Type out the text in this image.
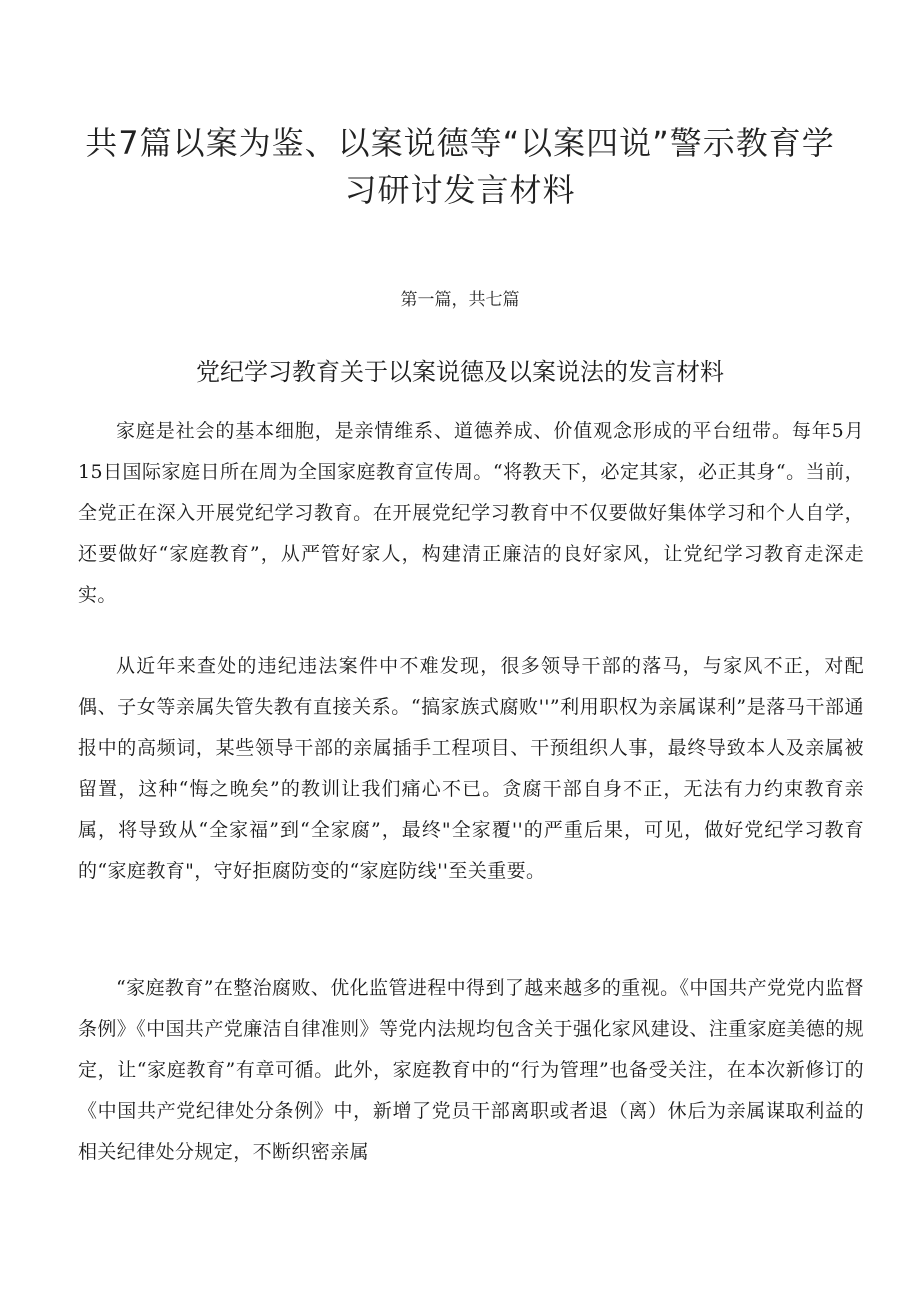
共7篇以案为鉴、以案说德等“以案四说”警示教育学习研讨发言材料

第一篇，共七篇

党纪学习教育关于以案说德及以案说法的发言材料

家庭是社会的基本细胞，是亲情维系、道德养成、价值观念形成的平台纽带。每年5月15日国际家庭日所在周为全国家庭教育宣传周。“将教天下，必定其家，必正其身“。当前，全党正在深入开展党纪学习教育。在开展党纪学习教育中不仅要做好集体学习和个人自学，还要做好“家庭教育”，从严管好家人，构建清正廉洁的良好家风，让党纪学习教育走深走实。

从近年来查处的违纪违法案件中不难发现，很多领导干部的落马，与家风不正，对配偶、子女等亲属失管失教有直接关系。“搞家族式腐败''”利用职权为亲属谋利”是落马干部通报中的高频词，某些领导干部的亲属插手工程项目、干预组织人事，最终导致本人及亲属被留置，这种“悔之晚矣”的教训让我们痛心不已。贪腐干部自身不正，无法有力约束教育亲属，将导致从“全家福”到“全家腐”，最终"全家覆''的严重后果，可见，做好党纪学习教育的“家庭教育"，守好拒腐防变的“家庭防线''至关重要。

“家庭教育”在整治腐败、优化监管进程中得到了越来越多的重视。《中国共产党党内监督条例》《中国共产党廉洁自律准则》等党内法规均包含关于强化家风建设、注重家庭美德的规定，让“家庭教育”有章可循。此外，家庭教育中的“行为管理”也备受关注，在本次新修订的《中国共产党纪律处分条例》中，新增了党员干部离职或者退（离）休后为亲属谋取利益的相关纪律处分规定，不断织密亲属
